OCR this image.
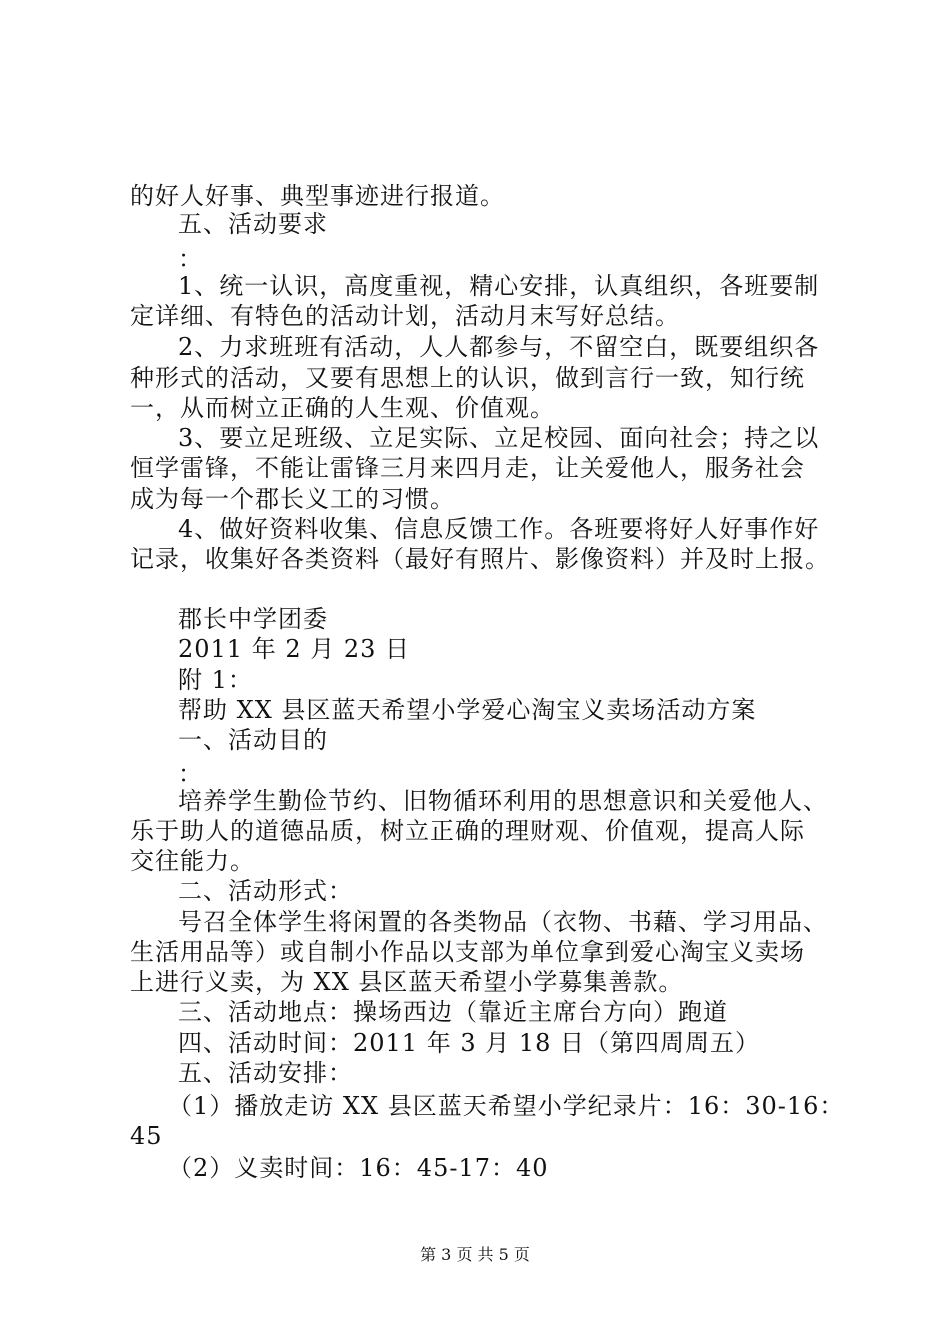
的好人好事、典型事迹进行报道。
五、活动要求
：
1、统一认识，高度重视，精心安排，认真组织，各班要制
定详细、有特色的活动计划，活动月末写好总结。
2、力求班班有活动，人人都参与，不留空白，既要组织各
种形式的活动，又要有思想上的认识，做到言行一致，知行统
一，从而树立正确的人生观、价值观。
3、要立足班级、立足实际、立足校园、面向社会；持之以
恒学雷锋，不能让雷锋三月来四月走，让关爱他人，服务社会
成为每一个郡长义工的习惯。
4、做好资料收集、信息反馈工作。各班要将好人好事作好
记录，收集好各类资料（最好有照片、影像资料）并及时上报。
郡长中学团委
2011 年 2 月 23 日
附 1：
帮助 XX 县区蓝天希望小学爱心淘宝义卖场活动方案
一、活动目的
：
培养学生勤俭节约、旧物循环利用的思想意识和关爱他人、
乐于助人的道德品质，树立正确的理财观、价值观，提高人际
交往能力。
二、活动形式：
号召全体学生将闲置的各类物品（衣物、书藉、学习用品、
生活用品等）或自制小作品以支部为单位拿到爱心淘宝义卖场
上进行义卖，为 XX 县区蓝天希望小学募集善款。
三、活动地点：操场西边（靠近主席台方向）跑道
四、活动时间：2011 年 3 月 18 日（第四周周五）
五、活动安排：
（1）播放走访 XX 县区蓝天希望小学纪录片：16：30-16：
45
（2）义卖时间：16：45-17：40
第 3 页 共 5 页
